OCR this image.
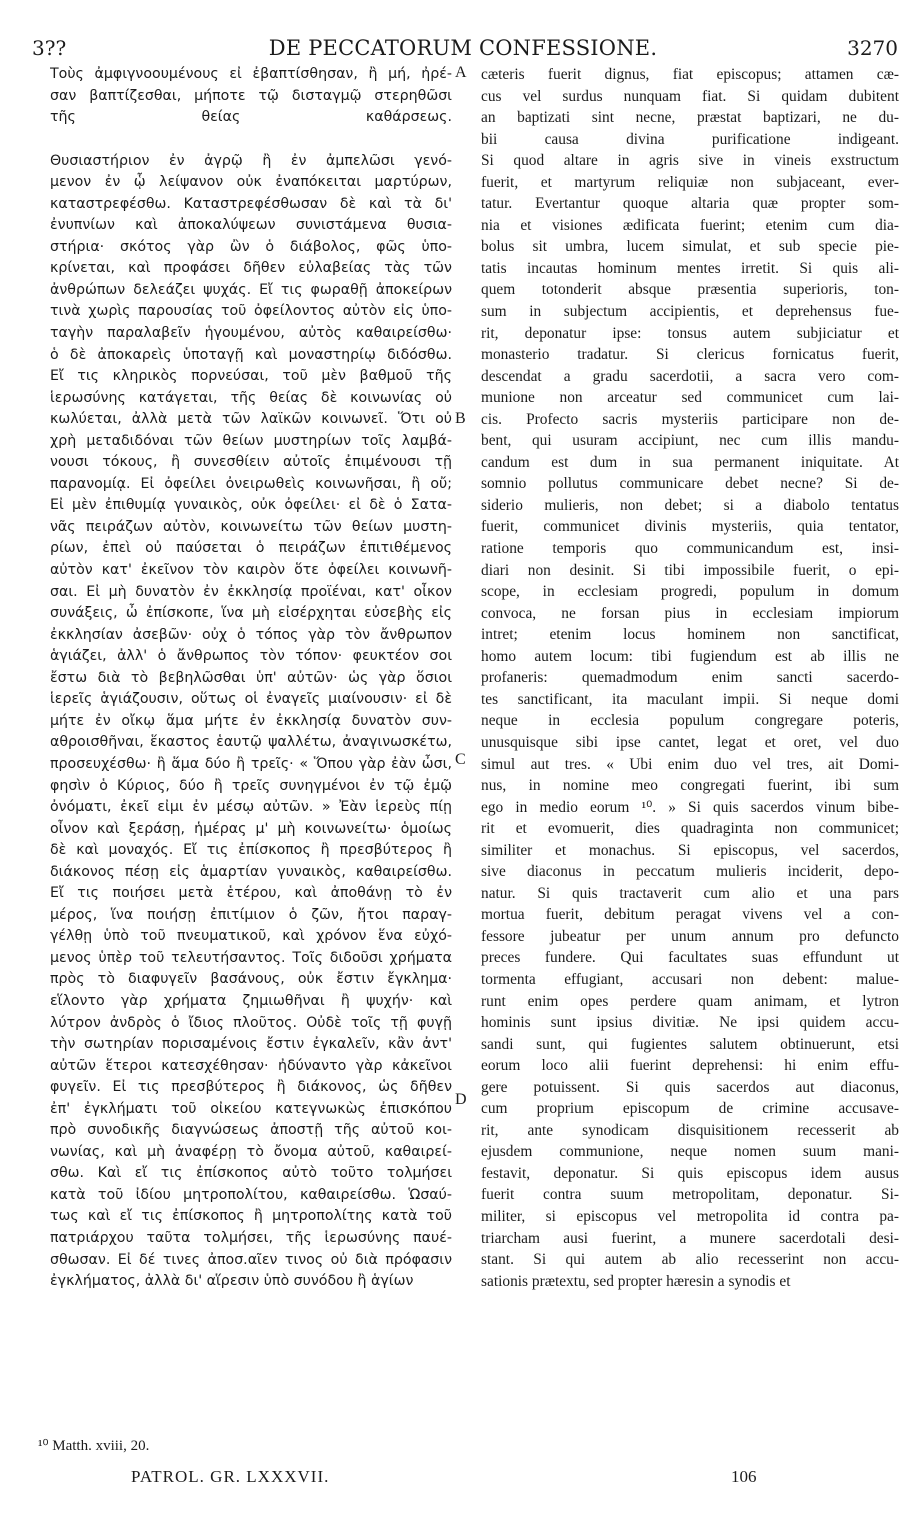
3??	DE PECCATORUM CONFESSIONE.	3270
Τοὺς ἀμφιγνοουμένους εἰ ἐβαπτίσθησαν, ἢ μή, ἠρέ-
σαν βαπτίζεσθαι, μήποτε τῷ δισταγμῷ στερηθῶσι
τῆς θείας καθάρσεως.
Θυσιαστήριον ἐν ἀγρῷ ἢ ἐν ἀμπελῶσι γενό-
μενον ἐν ᾧ λείψανον οὐκ ἐναπόκειται μαρτύρων,
καταστρεφέσθω. Καταστρεφέσθωσαν δὲ καὶ τὰ δι'
ἐνυπνίων καὶ ἀποκαλύψεων συνιστάμενα θυσια-
στήρια· σκότος γὰρ ὢν ὁ διάβολος, φῶς ὑπο-
κρίνεται, καὶ προφάσει δῆθεν εὐλαβείας τὰς τῶν
ἀνθρώπων δελεάζει ψυχάς. Εἴ τις φωραθῇ ἀποκείρων
τινὰ χωρὶς παρουσίας τοῦ ὀφείλοντος αὐτὸν εἰς ὑπο-
ταγὴν παραλαβεῖν ἡγουμένου, αὐτὸς καθαιρείσθω·
ὁ δὲ ἀποκαρεὶς ὑποταγῇ καὶ μοναστηρίῳ διδόσθω.
Εἴ τις κληρικὸς πορνεύσαι, τοῦ μὲν βαθμοῦ τῆς
ἱερωσύνης κατάγεται, τῆς θείας δὲ κοινωνίας οὐ
κωλύεται, ἀλλὰ μετὰ τῶν λαϊκῶν κοινωνεῖ. Ὅτι οὐ
χρὴ μεταδιδόναι τῶν θείων μυστηρίων τοῖς λαμβά-
νουσι τόκους, ἢ συνεσθίειν αὐτοῖς ἐπιμένουσι τῇ
παρανομίᾳ. Εἰ ὀφείλει ὀνειρωθεὶς κοινωνῆσαι, ἢ οὔ;
Εἰ μὲν ἐπιθυμίᾳ γυναικὸς, οὐκ ὀφείλει· εἰ δὲ ὁ Σατα-
νᾶς πειράζων αὐτὸν, κοινωνείτω τῶν θείων μυστη-
ρίων, ἐπεὶ οὐ παύσεται ὁ πειράζων ἐπιτιθέμενος
αὐτὸν κατ' ἐκεῖνον τὸν καιρὸν ὅτε ὀφείλει κοινωνῆ-
σαι. Εἰ μὴ δυνατὸν ἐν ἐκκλησίᾳ προϊέναι, κατ' οἶκον
συνάξεις, ὦ ἐπίσκοπε, ἵνα μὴ εἰσέρχηται εὐσεβὴς εἰς
ἐκκλησίαν ἀσεβῶν· οὐχ ὁ τόπος γὰρ τὸν ἄνθρωπον
ἁγιάζει, ἀλλ' ὁ ἄνθρωπος τὸν τόπον· φευκτέον σοι
ἔστω διὰ τὸ βεβηλῶσθαι ὑπ' αὐτῶν· ὡς γὰρ ὅσιοι
ἱερεῖς ἁγιάζουσιν, οὕτως οἱ ἐναγεῖς μιαίνουσιν· εἰ δὲ
μήτε ἐν οἴκῳ ἅμα μήτε ἐν ἐκκλησίᾳ δυνατὸν συν-
αθροισθῆναι, ἕκαστος ἑαυτῷ ψαλλέτω, ἀναγινωσκέτω,
προσευχέσθω· ἢ ἅμα δύο ἢ τρεῖς· « Ὅπου γὰρ ἐὰν ὦσι,
φησὶν ὁ Κύριος, δύο ἢ τρεῖς συνηγμένοι ἐν τῷ ἐμῷ
ὀνόματι, ἐκεῖ εἰμι ἐν μέσῳ αὐτῶν. » Ἐὰν ἱερεὺς πίῃ
οἶνον καὶ ξεράσῃ, ἡμέρας μ' μὴ κοινωνείτω· ὁμοίως
δὲ καὶ μοναχός. Εἴ τις ἐπίσκοπος ἢ πρεσβύτερος ἢ
διάκονος πέσῃ εἰς ἁμαρτίαν γυναικὸς, καθαιρείσθω.
Εἴ τις ποιήσει μετὰ ἑτέρου, καὶ ἀποθάνῃ τὸ ἐν
μέρος, ἵνα ποιήσῃ ἐπιτίμιον ὁ ζῶν, ἤτοι παραγ-
γέλθῃ ὑπὸ τοῦ πνευματικοῦ, καὶ χρόνον ἕνα εὐχό-
μενος ὑπὲρ τοῦ τελευτήσαντος. Τοῖς διδοῦσι χρήματα
πρὸς τὸ διαφυγεῖν βασάνους, οὐκ ἔστιν ἔγκλημα·
εἵλοντο γὰρ χρήματα ζημιωθῆναι ἢ ψυχήν· καὶ
λύτρον ἀνδρὸς ὁ ἴδιος πλοῦτος. Οὐδὲ τοῖς τῇ φυγῇ
τὴν σωτηρίαν πορισαμένοις ἔστιν ἐγκαλεῖν, κἂν ἀντ'
αὐτῶν ἕτεροι κατεσχέθησαν· ἠδύναντο γὰρ κἀκεῖνοι
φυγεῖν. Εἰ τις πρεσβύτερος ἢ διάκονος, ὡς δῆθεν
ἐπ' ἐγκλήματι τοῦ οἰκείου κατεγνωκὼς ἐπισκόπου
πρὸ συνοδικῆς διαγνώσεως ἀποστῇ τῆς αὐτοῦ κοι-
νωνίας, καὶ μὴ ἀναφέρῃ τὸ ὄνομα αὐτοῦ, καθαιρεί-
σθω. Καὶ εἴ τις ἐπίσκοπος αὐτὸ τοῦτο τολμήσει
κατὰ τοῦ ἰδίου μητροπολίτου, καθαιρείσθω. Ὡσαύ-
τως καὶ εἴ τις ἐπίσκοπος ἢ μητροπολίτης κατὰ τοῦ
πατριάρχου ταῦτα τολμήσει, τῆς ἱερωσύνης παυέ-
σθωσαν. Εἰ δέ τινες ἀποσ.αῖεν τινος οὐ διὰ πρόφασιν
ἐγκλήματος, ἀλλὰ δι' αἵρεσιν ὑπὸ συνόδου ἢ ἁγίων
cæteris fuerit dignus, fiat episcopus; attamen cæ-
cus vel surdus nunquam fiat. Si quidam dubitent
an baptizati sint necne, præstat baptizari, ne du-
bii causa divina purificatione indigeant.
Si quod altare in agris sive in vineis exstructum
fuerit, et martyrum reliquiæ non subjaceant, ever-
tatur. Evertantur quoque altaria quæ propter som-
nia et visiones ædificata fuerint; etenim cum dia-
bolus sit umbra, lucem simulat, et sub specie pie-
tatis incautas hominum mentes irretit. Si quis ali-
quem totonderit absque præsentia superioris, ton-
sum in subjectum accipientis, et deprehensus fue-
rit, deponatur ipse: tonsus autem subjiciatur et
monasterio tradatur. Si clericus fornicatus fuerit,
descendat a gradu sacerdotii, a sacra vero com-
munione non arceatur sed communicet cum lai-
cis. Profecto sacris mysteriis participare non de-
bent, qui usuram accipiunt, nec cum illis mandu-
candum est dum in sua permanent iniquitate. At
somnio pollutus communicare debet necne? Si de-
siderio mulieris, non debet; si a diabolo tentatus
fuerit, communicet divinis mysteriis, quia tentator,
ratione temporis quo communicandum est, insi-
diari non desinit. Si tibi impossibile fuerit, o epi-
scope, in ecclesiam progredi, populum in domum
convoca, ne forsan pius in ecclesiam impiorum
intret; etenim locus hominem non sanctificat,
homo autem locum: tibi fugiendum est ab illis ne
profaneris: quemadmodum enim sancti sacerdo-
tes sanctificant, ita maculant impii. Si neque domi
neque in ecclesia populum congregare poteris,
unusquisque sibi ipse cantet, legat et oret, vel duo
simul aut tres. « Ubi enim duo vel tres, ait Domi-
nus, in nomine meo congregati fuerint, ibi sum
ego in medio eorum ¹⁰. » Si quis sacerdos vinum bibe-
rit et evomuerit, dies quadraginta non communicet;
similiter et monachus. Si episcopus, vel sacerdos,
sive diaconus in peccatum mulieris inciderit, depo-
natur. Si quis tractaverit cum alio et una pars
mortua fuerit, debitum peragat vivens vel a con-
fessore jubeatur per unum annum pro defuncto
preces fundere. Qui facultates suas effundunt ut
tormenta effugiant, accusari non debent: malue-
runt enim opes perdere quam animam, et lytron
hominis sunt ipsius divitiæ. Ne ipsi quidem accu-
sandi sunt, qui fugientes salutem obtinuerunt, etsi
eorum loco alii fuerint deprehensi: hi enim effu-
gere potuissent. Si quis sacerdos aut diaconus,
cum proprium episcopum de crimine accusave-
rit, ante synodicam disquisitionem recesserit ab
ejusdem communione, neque nomen suum mani-
festavit, deponatur. Si quis episcopus idem ausus
fuerit contra suum metropolitam, deponatur. Si-
militer, si episcopus vel metropolita id contra pa-
triarcham ausi fuerint, a munere sacerdotali desi-
stant. Si qui autem ab alio recesserint non accu-
sationis prætextu, sed propter hæresin a synodis et
A
B
C
D
¹⁰ Matth. xviii, 20.
PATROL. GR. LXXXVII.	106
